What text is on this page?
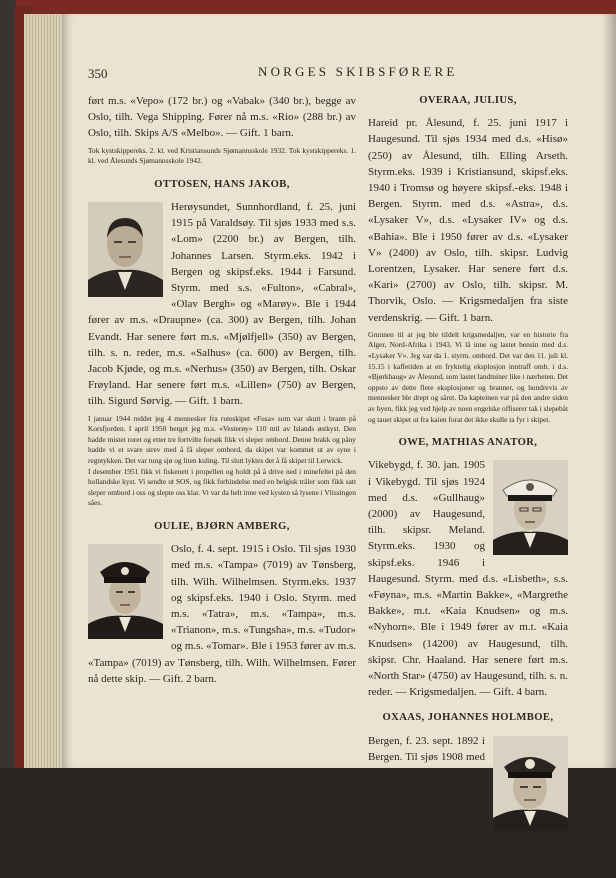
350	NORGES SKIBSFØRERE

ført m.s. «Vepo» (172 br.) og «Vabak» (340 br.), begge av Oslo, tilh. Vega Shipping. Fører nå m.s. «Rio» (288 br.) av Oslo, tilh. Skips A/S «Melbo». — Gift. 1 barn.

Tok kystskippereks. 2. kl. ved Kristiansunds Sjømannsskole 1932. Tok kystskippereks. 1. kl. ved Ålesunds Sjømannsskole 1942.

OTTOSEN, HANS JAKOB,

Herøysundet, Sunnhordland, f. 25. juni 1915 på Varaldsøy. Til sjøs 1933 med s.s. «Lom» (2200 br.) av Bergen, tilh. Johannes Larsen. Styrm.eks. 1942 i Bergen og skipsf.eks. 1944 i Farsund. Styrm. med s.s. «Fulton», «Cabral», «Olav Bergh» og «Marøy». Ble i 1944 fører av m.s. «Draupne» (ca. 300) av Bergen, tilh. Johan Evandt. Har senere ført m.s. «Mjølfjell» (350) av Bergen, tilh. s. n. reder, m.s. «Salhus» (ca. 600) av Bergen, tilh. Jacob Kjøde, og m.s. «Nerhus» (350) av Bergen, tilh. Oskar Frøyland. Har senere ført m.s. «Lillen» (750) av Bergen, tilh. Sigurd Sørvig. — Gift. 1 barn.

I januar 1944 reddet jeg 4 mennesker fra ruteskipet «Fusa» som var skutt i brann på Korsfjorden. I april 1950 berget jeg m.s. «Vesterøy» 110 mil av Islands østkyst. Den hadde mistet roret og etter tre fortvilte forsøk fikk vi sleper ombord. Denne brakk og påny hadde vi et svare strev med å få sleper ombord, da skipet var kommet ut av syne i regntykken. Det var tung sjø og liten kuling. Til slutt lyktes det å få skipet til Lerwick.
I desember 1951 fikk vi fiskenett i propellen og holdt på å drive ned i minefeltet på den hollandske kyst. Vi sendte ut SOS, og fikk forbindelse med en belgisk tråler som fikk satt sleper ombord i oss og slepte oss klar. Vi var da helt inne ved kysten så lysene i Vlissingen såes.

OULIE, BJØRN AMBERG,

Oslo, f. 4. sept. 1915 i Oslo. Til sjøs 1930 med m.s. «Tampa» (7019) av Tønsberg, tilh. Wilh. Wilhelmsen. Styrm.eks. 1937 og skipsf.eks. 1940 i Oslo. Styrm. med m.s. «Tatra», m.s. «Tampa», m.s. «Trianon», m.s. «Tungsha», m.s. «Tudor» og m.s. «Tomar». Ble i 1953 fører av m.s. «Tampa» (7019) av Tønsberg, tilh. Wilh. Wilhelmsen. Fører nå dette skip. — Gift. 2 barn.

OVERAA, JULIUS,

Hareid pr. Ålesund, f. 25. juni 1917 i Haugesund. Til sjøs 1934 med d.s. «Hisø» (250) av Ålesund, tilh. Elling Arseth. Styrm.eks. 1939 i Kristiansund, skipsf.eks. 1940 i Tromsø og høyere skipsf.-eks. 1948 i Bergen. Styrm. med d.s. «Astra», d.s. «Lysaker V», d.s. «Lysaker IV» og d.s. «Bahia». Ble i 1950 fører av d.s. «Lysaker V» (2400) av Oslo, tilh. skipsr. Ludvig Lorentzen, Lysaker. Har senere ført d.s. «Kari» (2700) av Oslo, tilh. skipsr. M. Thorvik, Oslo. — Krigsmedaljen fra siste verdenskrig. — Gift. 1 barn.

Grunnen til at jeg ble tildelt krigsmedaljen, var en historie fra Alger, Nord-Afrika i 1943. Vi lå inne og lastet bensin med d.s. «Lysaker V». Jeg var da 1. styrm. ombord. Det var den 11. juli kl. 15.15 i kaffetiden at en fryktelig eksplosjon inntraff omb. i d.s. «Bjørkhaug» av Ålesund, som lastet landminer like i nærheten. Det oppsto av dette flere eksplosjoner og branner, og hundrevis av mennesker ble drept og såret. Da kapteinen var på den andre siden av byen, fikk jeg ved hjelp av noen engelske offiserer tak i slepebåt og tauet skipet ut fra kaien forat det ikke skulle ta fyr i skipet.

OWE, MATHIAS ANATOR,

Vikebygd, f. 30. jan. 1905 i Vikebygd. Til sjøs 1924 med d.s. «Gullhaug» (2000) av Haugesund, tilh. skipsr. Meland. Styrm.eks. 1930 og skipsf.eks. 1946 i Haugesund. Styrm. med d.s. «Lisbeth», s.s. «Føyna», m.s. «Martin Bakke», «Margrethe Bakke», m.t. «Kaia Knudsen» og m.s. «Nyhorn». Ble i 1949 fører av m.t. «Kaia Knudsen» (14200) av Haugesund, tilh. skipsr. Chr. Haaland. Har senere ført m.s. «North Star» (4750) av Haugesund, tilh. s. n. reder. — Krigsmedaljen. — Gift. 4 barn.

OXAAS, JOHANNES HOLMBOE,

Bergen, f. 23. sept. 1892 i Bergen. Til sjøs 1908 med s. «Charles Racine» av Stavanger, tilh. Sigval Bergesen. Styrm.eks. 1912 og skipsf.eks. 1913 i Bergen. Radiotelegrafist i 1914. Styrm. i 7 år med forskj. skip tilh. B.D.S. og deretter med t.s. «Conrad Mohr».
